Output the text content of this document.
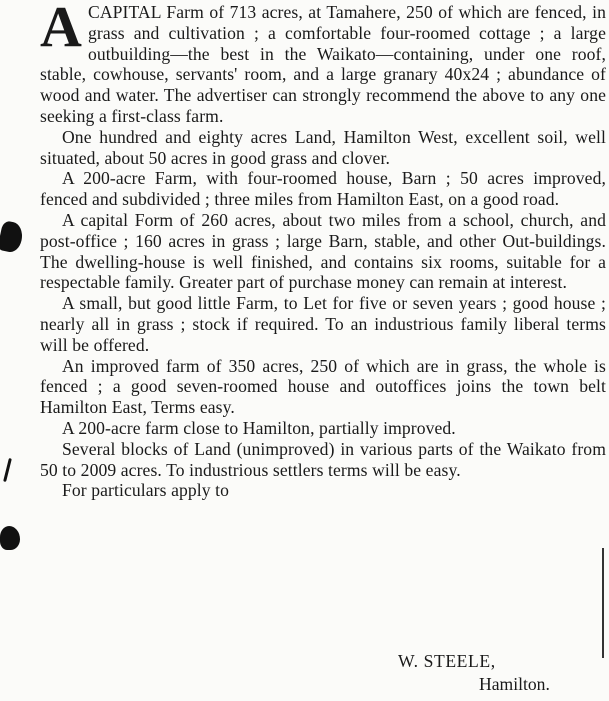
A CAPITAL Farm of 713 acres, at Tamahere, 250 of which are fenced, in grass and cultivation ; a comfortable four-roomed cottage ; a large outbuilding—the best in the Waikato—containing, under one roof, stable, cowhouse, servants' room, and a large granary 40x24 ; abundance of wood and water. The advertiser can strongly recommend the above to any one seeking a first-class farm.

One hundred and eighty acres Land, Hamilton West, excellent soil, well situated, about 50 acres in good grass and clover.

A 200-acre Farm, with four-roomed house, Barn ; 50 acres improved, fenced and subdivided ; three miles from Hamilton East, on a good road.

A capital Form of 260 acres, about two miles from a school, church, and post-office ; 160 acres in grass ; large Barn, stable, and other Out-buildings. The dwelling-house is well finished, and contains six rooms, suitable for a respectable family. Greater part of purchase money can remain at interest.

A small, but good little Farm, to Let for five or seven years ; good house ; nearly all in grass ; stock if required. To an industrious family liberal terms will be offered.

An improved farm of 350 acres, 250 of which are in grass, the whole is fenced ; a good seven-roomed house and outoffices joins the town belt Hamilton East, Terms easy.

A 200-acre farm close to Hamilton, partially improved.

Several blocks of Land (unimproved) in various parts of the Waikato from 50 to 2009 acres. To industrious settlers terms will be easy.

For particulars apply to

W. STEELE,
Hamilton.
